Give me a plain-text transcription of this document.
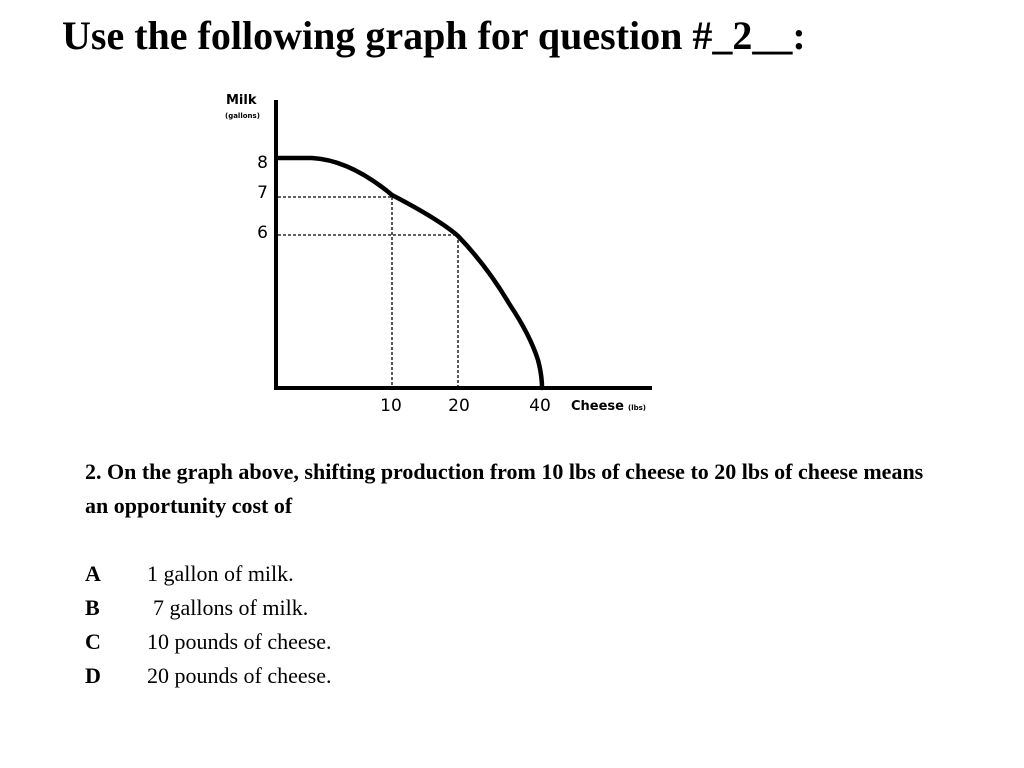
Use the following graph for question #_2__:
Milk
(gallons)
Cheese (lbs)
8
7
6
10	20	40

2. On the graph above, shifting production from 10 lbs of cheese to 20 lbs of cheese means an opportunity cost of

A 1 gallon of milk.
B 7 gallons of milk.
C 10 pounds of cheese.
D 20 pounds of cheese.
